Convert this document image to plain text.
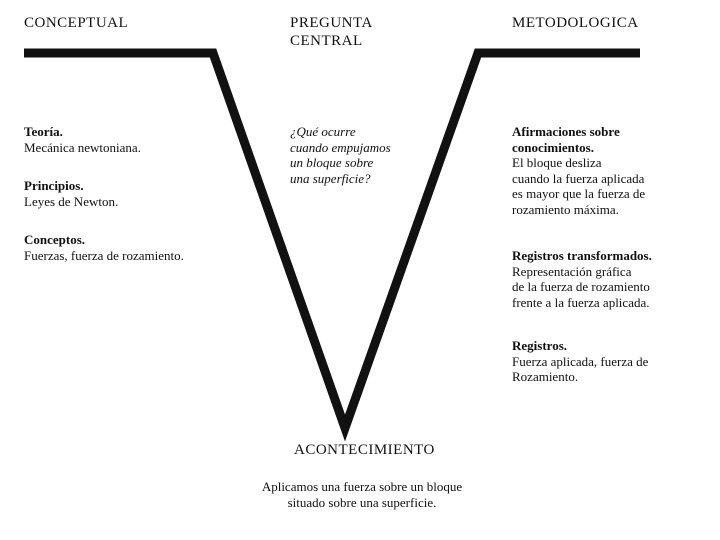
CONCEPTUAL	PREGUNTA
CENTRAL
METODOLOGICA
Teoría.
Mecánica newtoniana.
Principios.
Leyes de Newton.
Conceptos.
Fuerzas, fuerza de rozamiento.
¿Qué ocurre
cuando empujamos
un bloque sobre
una superficie?
Afirmaciones sobre
conocimientos.
El bloque desliza
cuando la fuerza aplicada
es mayor que la fuerza de
rozamiento máxima.
Registros transformados.
Representación gráfica
de la fuerza de rozamiento
frente a la fuerza aplicada.
Registros.
Fuerza aplicada, fuerza de
Rozamiento.
ACONTECIMIENTO
Aplicamos una fuerza sobre un bloque
situado sobre una superficie.
